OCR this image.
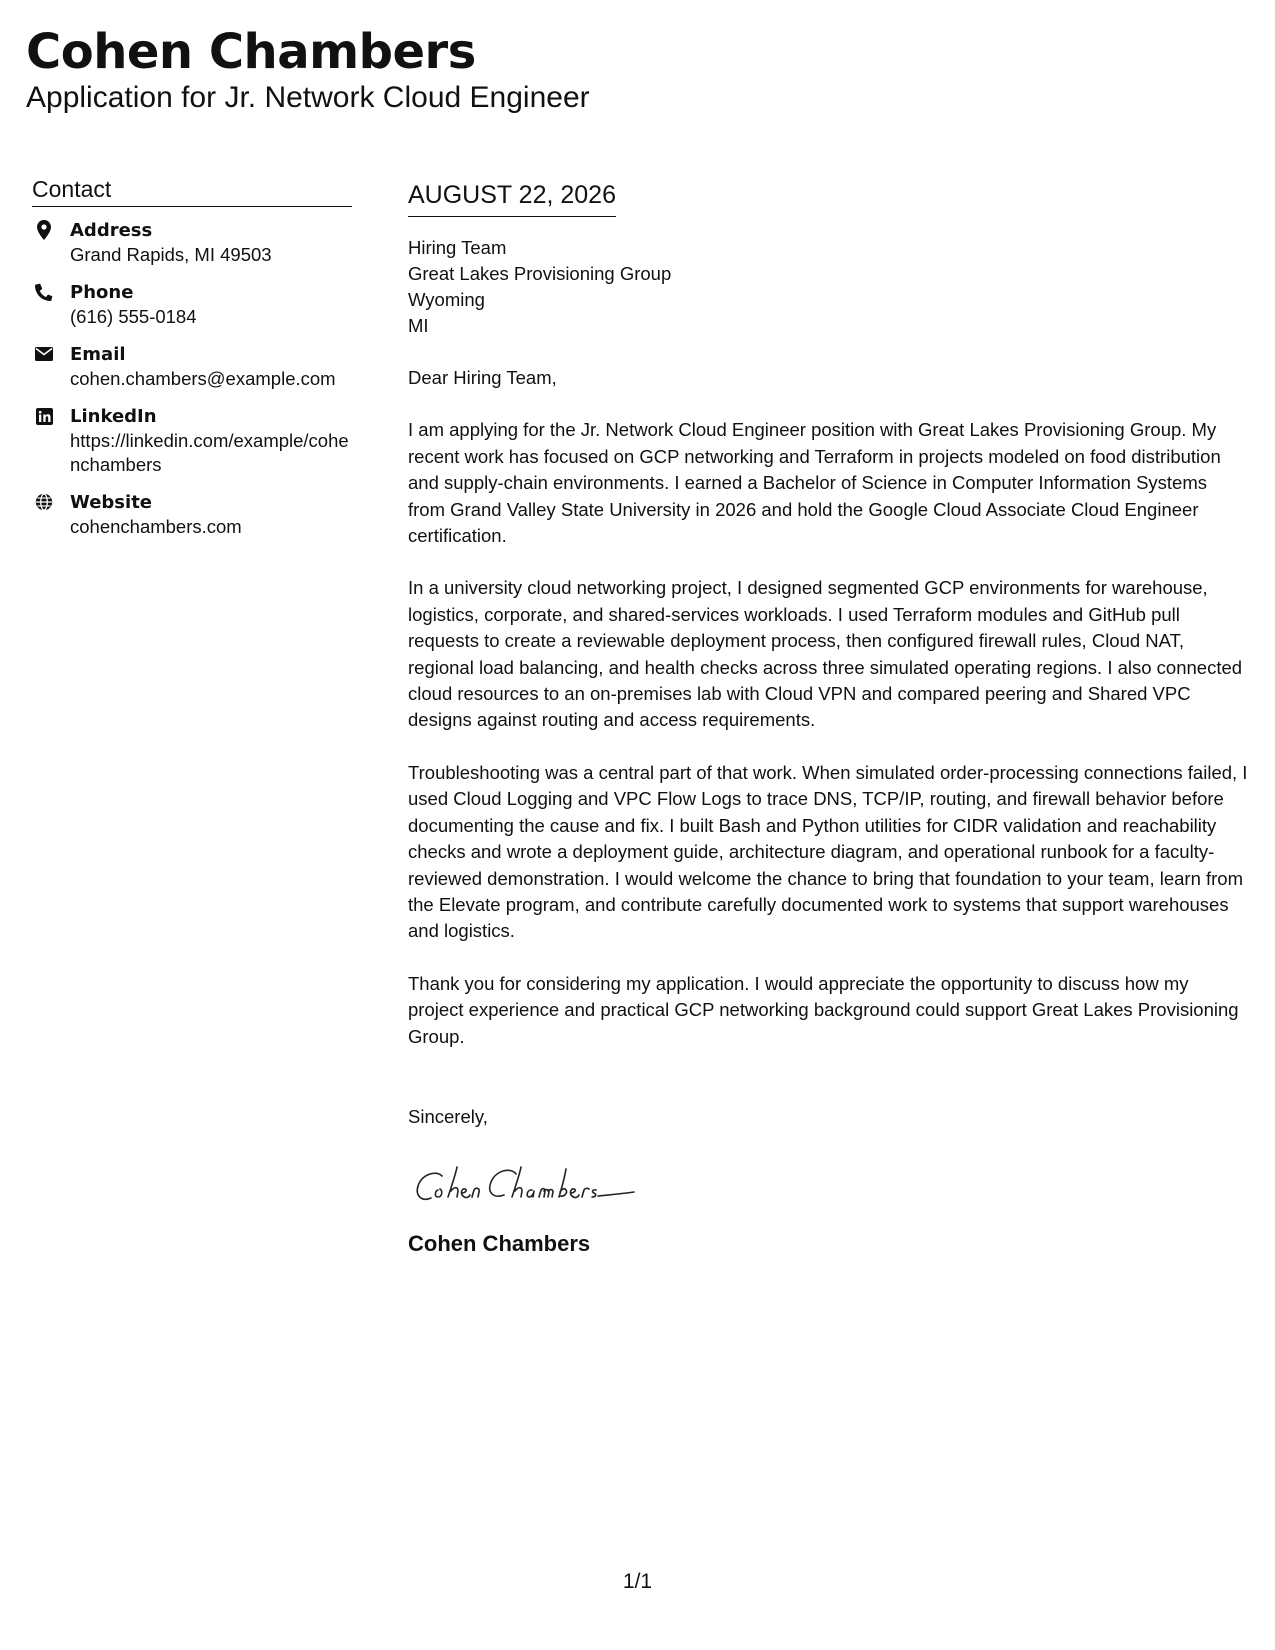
Cohen Chambers
Application for Jr. Network Cloud Engineer
Contact
Address
Grand Rapids, MI 49503
Phone
(616) 555-0184
Email
cohen.chambers@example.com
LinkedIn
https://linkedin.com/example/cohenchambers
Website
cohenchambers.com
AUGUST 22, 2026
Hiring Team
Great Lakes Provisioning Group
Wyoming
MI
Dear Hiring Team,

I am applying for the Jr. Network Cloud Engineer position with Great Lakes Provisioning Group. My recent work has focused on GCP networking and Terraform in projects modeled on food distribution and supply-chain environments. I earned a Bachelor of Science in Computer Information Systems from Grand Valley State University in 2026 and hold the Google Cloud Associate Cloud Engineer certification.

In a university cloud networking project, I designed segmented GCP environments for warehouse, logistics, corporate, and shared-services workloads. I used Terraform modules and GitHub pull requests to create a reviewable deployment process, then configured firewall rules, Cloud NAT, regional load balancing, and health checks across three simulated operating regions. I also connected cloud resources to an on-premises lab with Cloud VPN and compared peering and Shared VPC designs against routing and access requirements.

Troubleshooting was a central part of that work. When simulated order-processing connections failed, I used Cloud Logging and VPC Flow Logs to trace DNS, TCP/IP, routing, and firewall behavior before documenting the cause and fix. I built Bash and Python utilities for CIDR validation and reachability checks and wrote a deployment guide, architecture diagram, and operational runbook for a faculty-reviewed demonstration. I would welcome the chance to bring that foundation to your team, learn from the Elevate program, and contribute carefully documented work to systems that support warehouses and logistics.

Thank you for considering my application. I would appreciate the opportunity to discuss how my project experience and practical GCP networking background could support Great Lakes Provisioning Group.

Sincerely,
Cohen Chambers
1/1
